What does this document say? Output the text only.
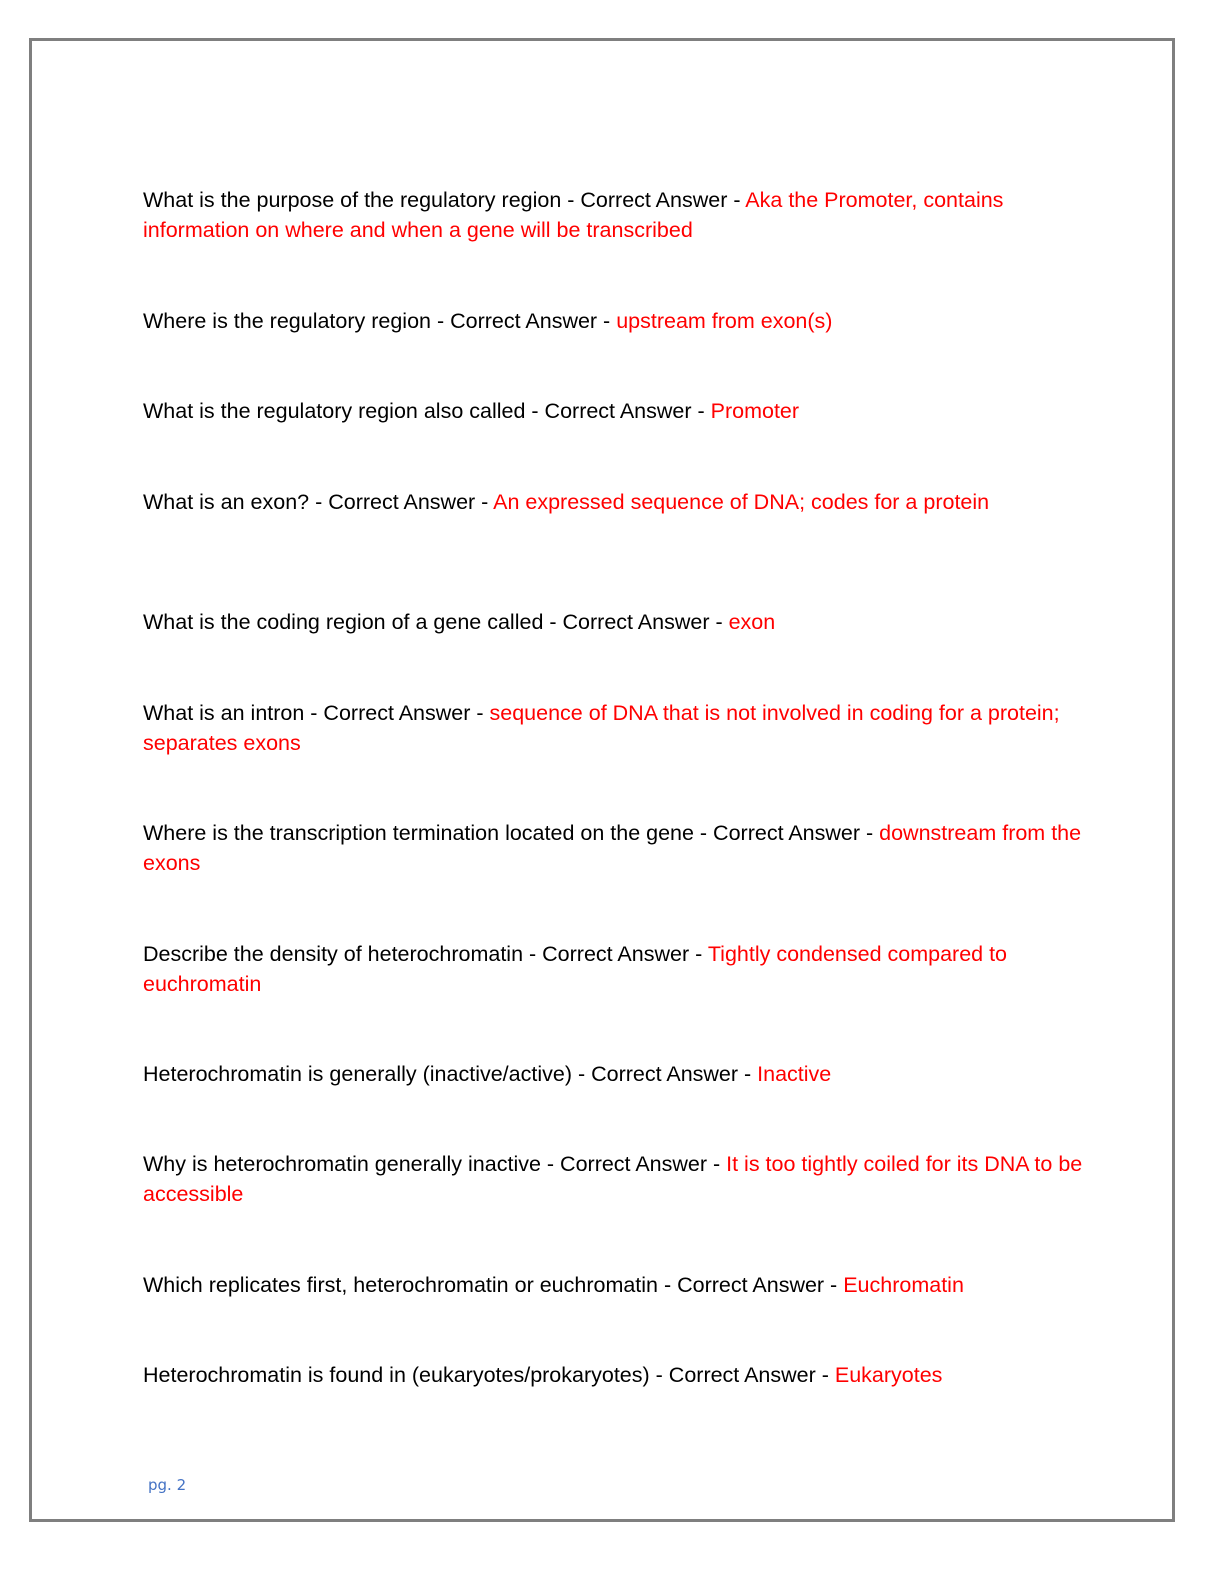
What is the purpose of the regulatory region - Correct Answer - Aka the Promoter, contains information on where and when a gene will be transcribed
Where is the regulatory region - Correct Answer - upstream from exon(s)
What is the regulatory region also called - Correct Answer - Promoter
What is an exon? - Correct Answer - An expressed sequence of DNA; codes for a protein
What is the coding region of a gene called - Correct Answer - exon
What is an intron - Correct Answer - sequence of DNA that is not involved in coding for a protein; separates exons
Where is the transcription termination located on the gene - Correct Answer - downstream from the exons
Describe the density of heterochromatin - Correct Answer - Tightly condensed compared to euchromatin
Heterochromatin is generally (inactive/active) - Correct Answer - Inactive
Why is heterochromatin generally inactive - Correct Answer - It is too tightly coiled for its DNA to be accessible
Which replicates first, heterochromatin or euchromatin - Correct Answer - Euchromatin
Heterochromatin is found in (eukaryotes/prokaryotes) - Correct Answer - Eukaryotes
pg. 2
